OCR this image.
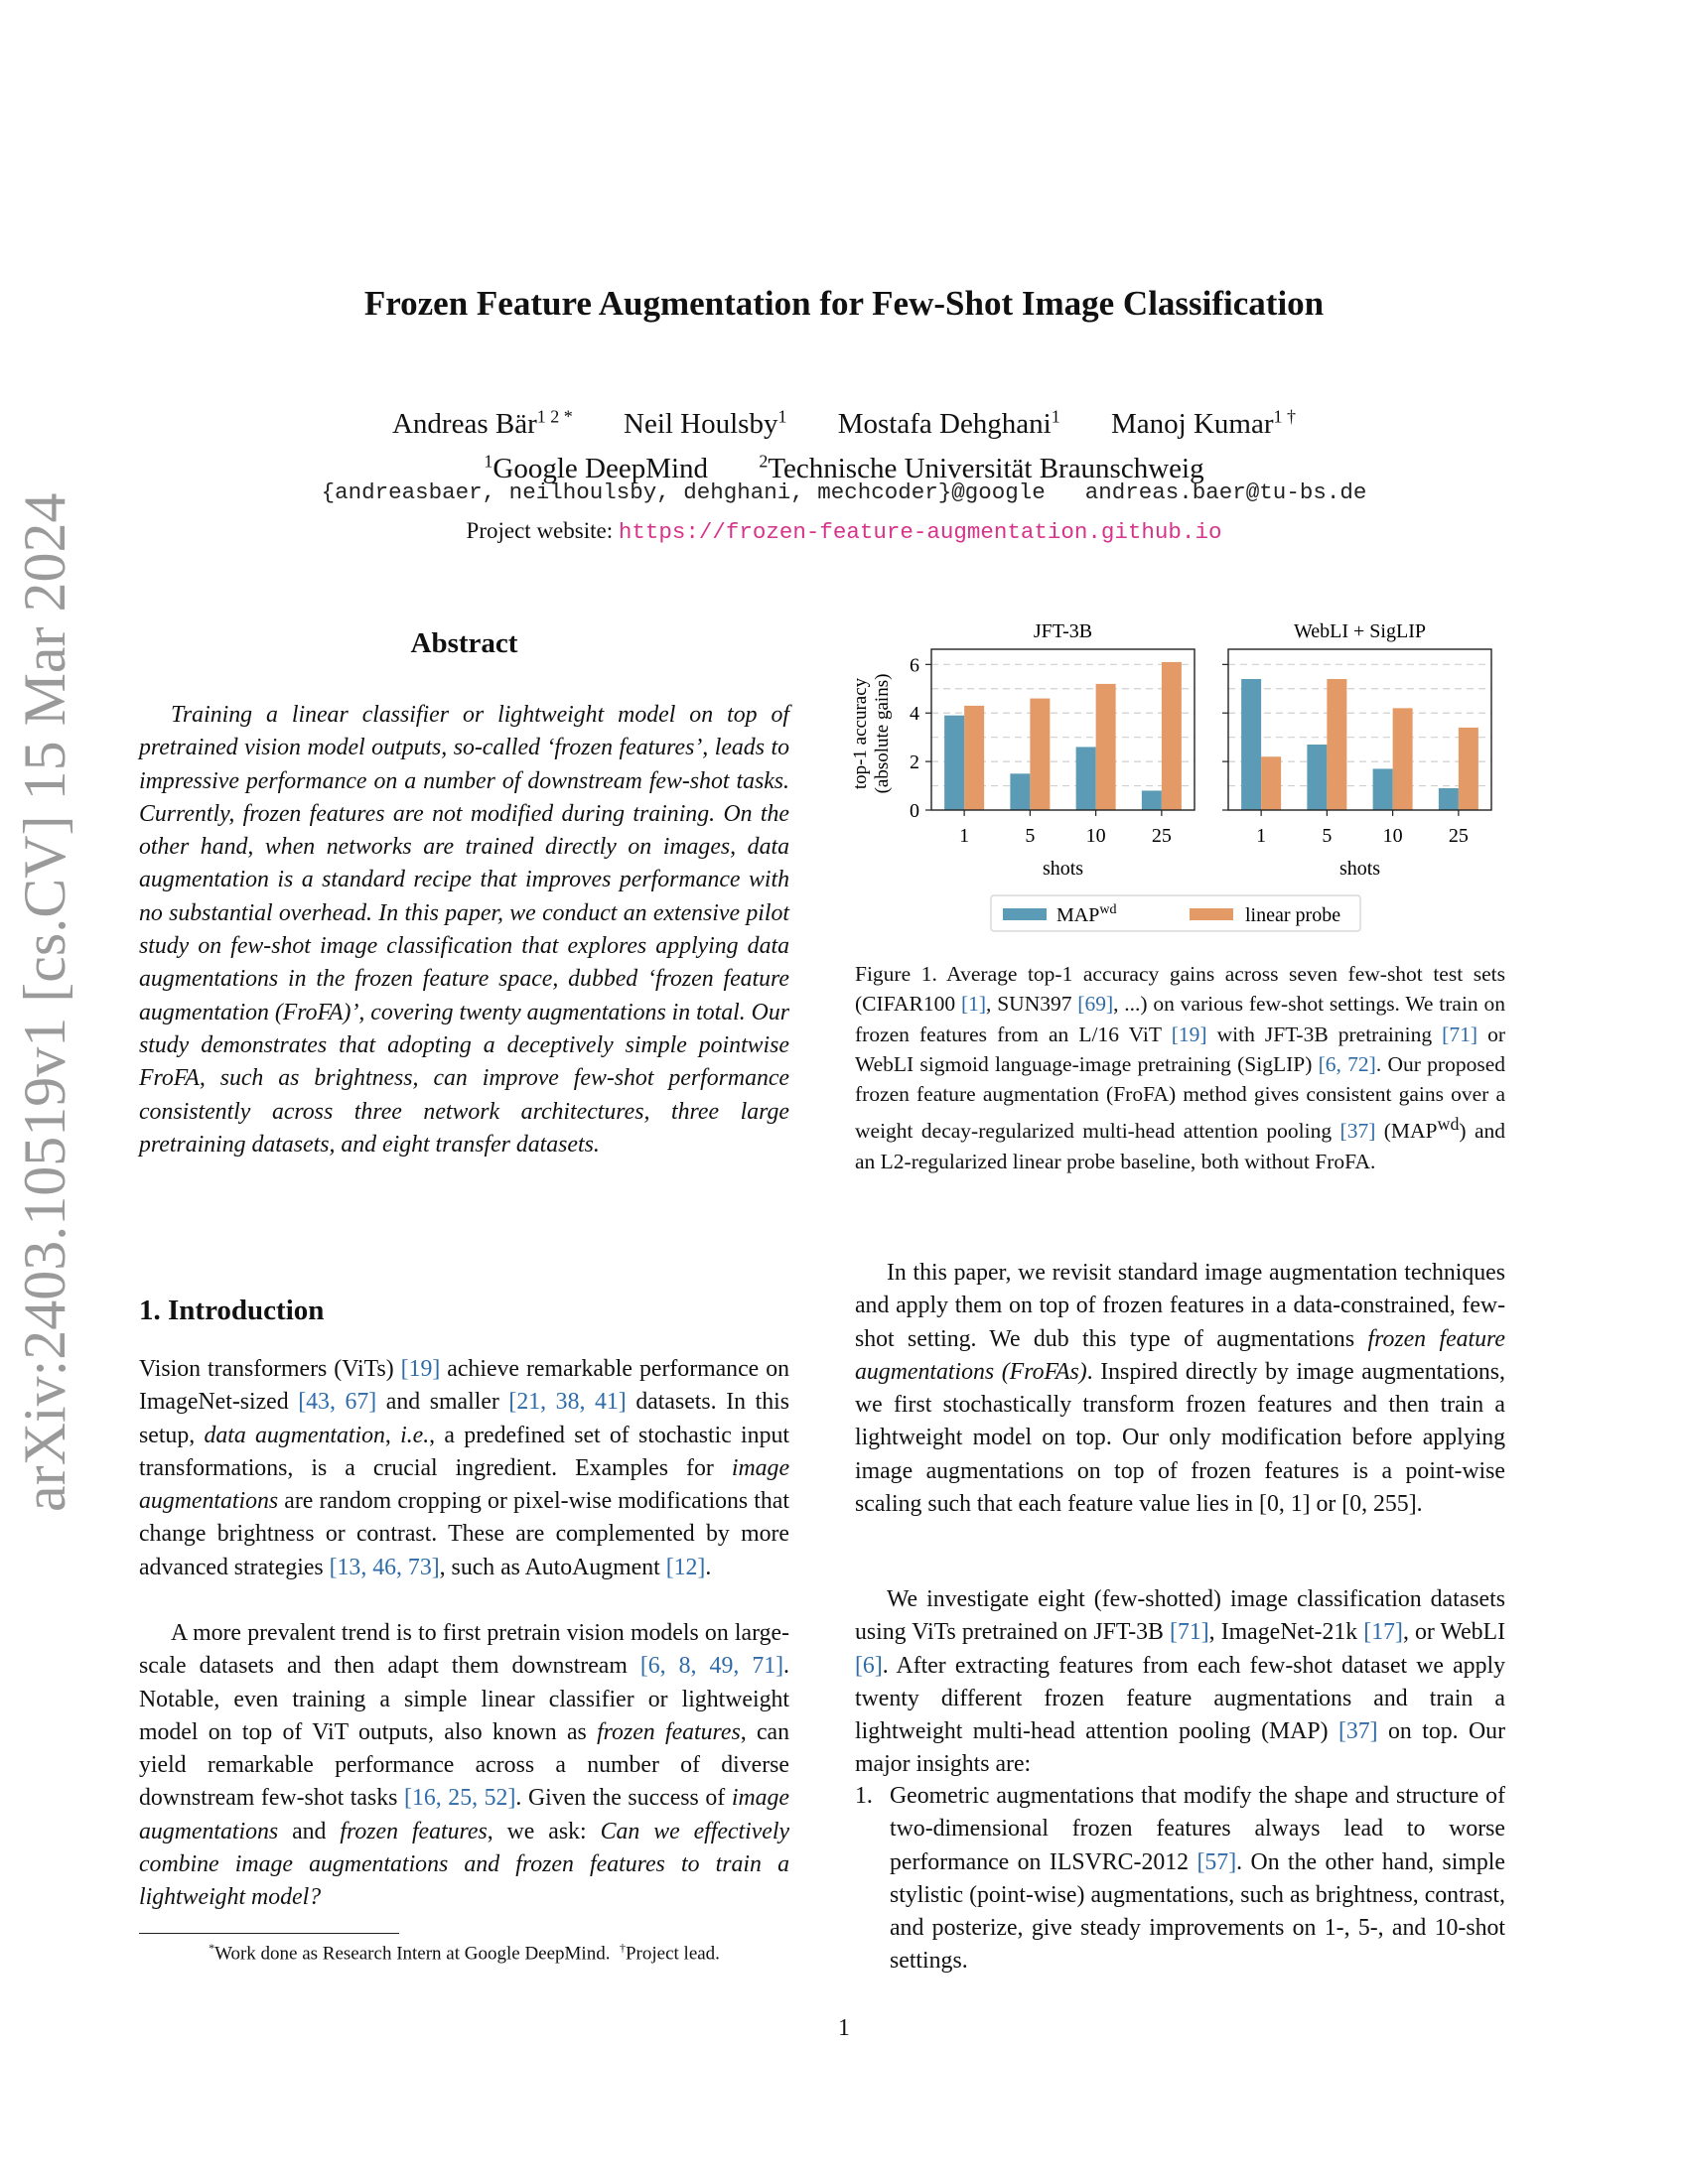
Frozen Feature Augmentation for Few-Shot Image Classification
Andreas Bär$^{1 2 *}$ Neil Houlsby$^1$ Mostafa Dehghani$^1$ Manoj Kumar$^{1 \dagger}$
$^1$Google DeepMind	$^2$Technische Universität Braunschweig
{andreasbaer, neilhoulsby, dehghani, mechcoder}@google andreas.baer@tu-bs.de
Project website: https://frozen-feature-augmentation.github.io
arXiv:2403.10519v1 [cs.CV] 15 Mar 2024	Abstract

Training a linear classifier or lightweight model on top of pretrained vision model outputs, so-called ‘frozen features’, leads to impressive performance on a number of downstream few-shot tasks. Currently, frozen features are not modified during training. On the other hand, when networks are trained directly on images, data augmentation is a standard recipe that improves performance with no substantial overhead. In this paper, we conduct an extensive pilot study on few-shot image classification that explores applying data augmentations in the frozen feature space, dubbed ‘frozen feature augmentation (FroFA)’, covering twenty augmentations in total. Our study demonstrates that adopting a deceptively simple pointwise FroFA, such as brightness, can improve few-shot performance consistently across three network architectures, three large pretraining datasets, and eight transfer datasets.

1. Introduction

Vision transformers (ViTs) [19] achieve remarkable performance on ImageNet-sized [43, 67] and smaller [21, 38, 41] datasets. In this setup, data augmentation, i.e., a predefined set of stochastic input transformations, is a crucial ingredient. Examples for image augmentations are random cropping or pixel-wise modifications that change brightness or contrast. These are complemented by more advanced strategies [13, 46, 73], such as AutoAugment [12].

A more prevalent trend is to first pretrain vision models on large-scale datasets and then adapt them downstream [6, 8, 49, 71]. Notable, even training a simple linear classifier or lightweight model on top of ViT outputs, also known as frozen features, can yield remarkable performance across a number of diverse downstream few-shot tasks [16, 25, 52]. Given the success of image augmentations and frozen features, we ask: Can we effectively combine image augmentations and frozen features to train a lightweight model?

*Work done as Research Intern at Google DeepMind. †Project lead.
top-1 accuracy (absolute gains)
JFT-3B
1	5	10 25
0
2
4
6
shots
WebLI + SigLIP
1	5	10 25
shots
$MAP^{wd}$	linear probe

Figure 1. Average top-1 accuracy gains across seven few-shot test sets (CIFAR100 [1], SUN397 [69], ...) on various few-shot settings. We train on frozen features from an L/16 ViT [19] with JFT-3B pretraining [71] or WebLI sigmoid language-image pretraining (SigLIP) [6, 72]. Our proposed frozen feature augmentation (FroFA) method gives consistent gains over a weight decay-regularized multi-head attention pooling [37] $(MAP^{wd})$ and an L2-regularized linear probe baseline, both without FroFA.

In this paper, we revisit standard image augmentation techniques and apply them on top of frozen features in a data-constrained, few-shot setting. We dub this type of augmentations frozen feature augmentations (FroFAs). Inspired directly by image augmentations, we first stochastically transform frozen features and then train a lightweight model on top. Our only modification before applying image augmentations on top of frozen features is a point-wise scaling such that each feature value lies in [0, 1] or [0, 255].

We investigate eight (few-shotted) image classification datasets using ViTs pretrained on JFT-3B [71], ImageNet-21k [17], or WebLI [6]. After extracting features from each few-shot dataset we apply twenty different frozen feature augmentations and train a lightweight multi-head attention pooling (MAP) [37] on top. Our major insights are:

1. Geometric augmentations that modify the shape and structure of two-dimensional frozen features always lead to worse performance on ILSVRC-2012 [57]. On the other hand, simple stylistic (point-wise) augmentations, such as brightness, contrast, and posterize, give steady improvements on 1-, 5-, and 10-shot settings.
1
